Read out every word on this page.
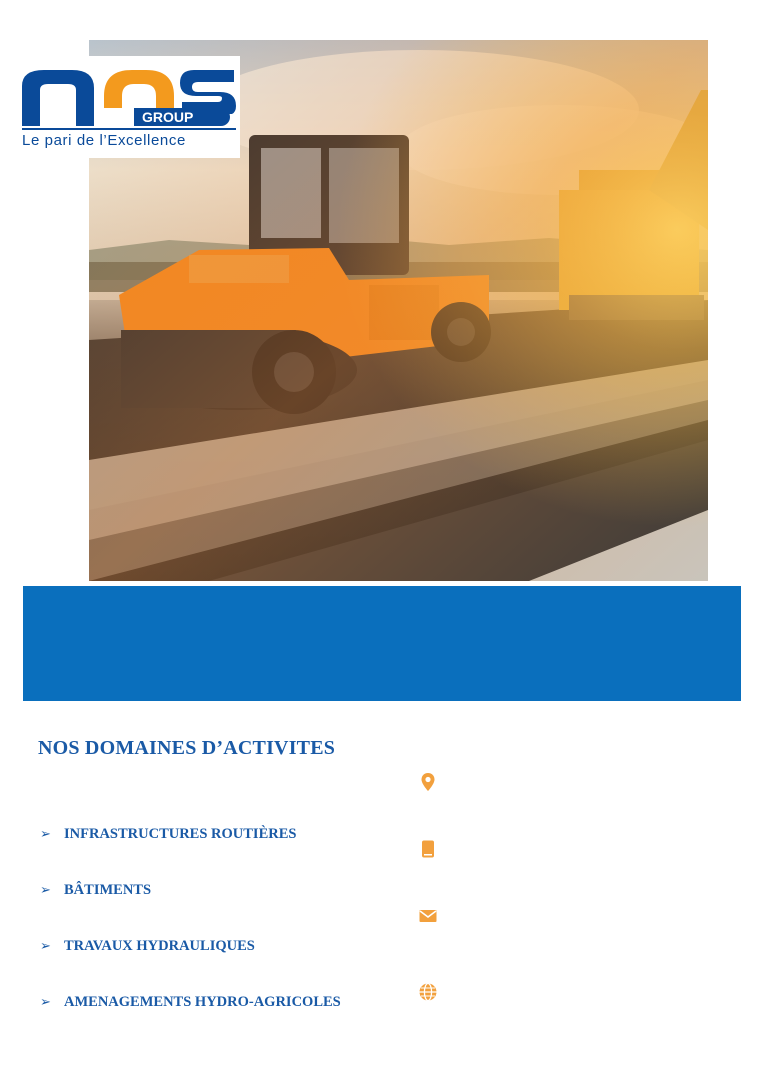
GROUP
Le pari de l’Excellence
NOS DOMAINES D’ACTIVITES
➢ INFRASTRUCTURES ROUTIÈRES
➢ BÂTIMENTS
➢ TRAVAUX HYDRAULIQUES
➢ AMENAGEMENTS HYDRO-AGRICOLES
